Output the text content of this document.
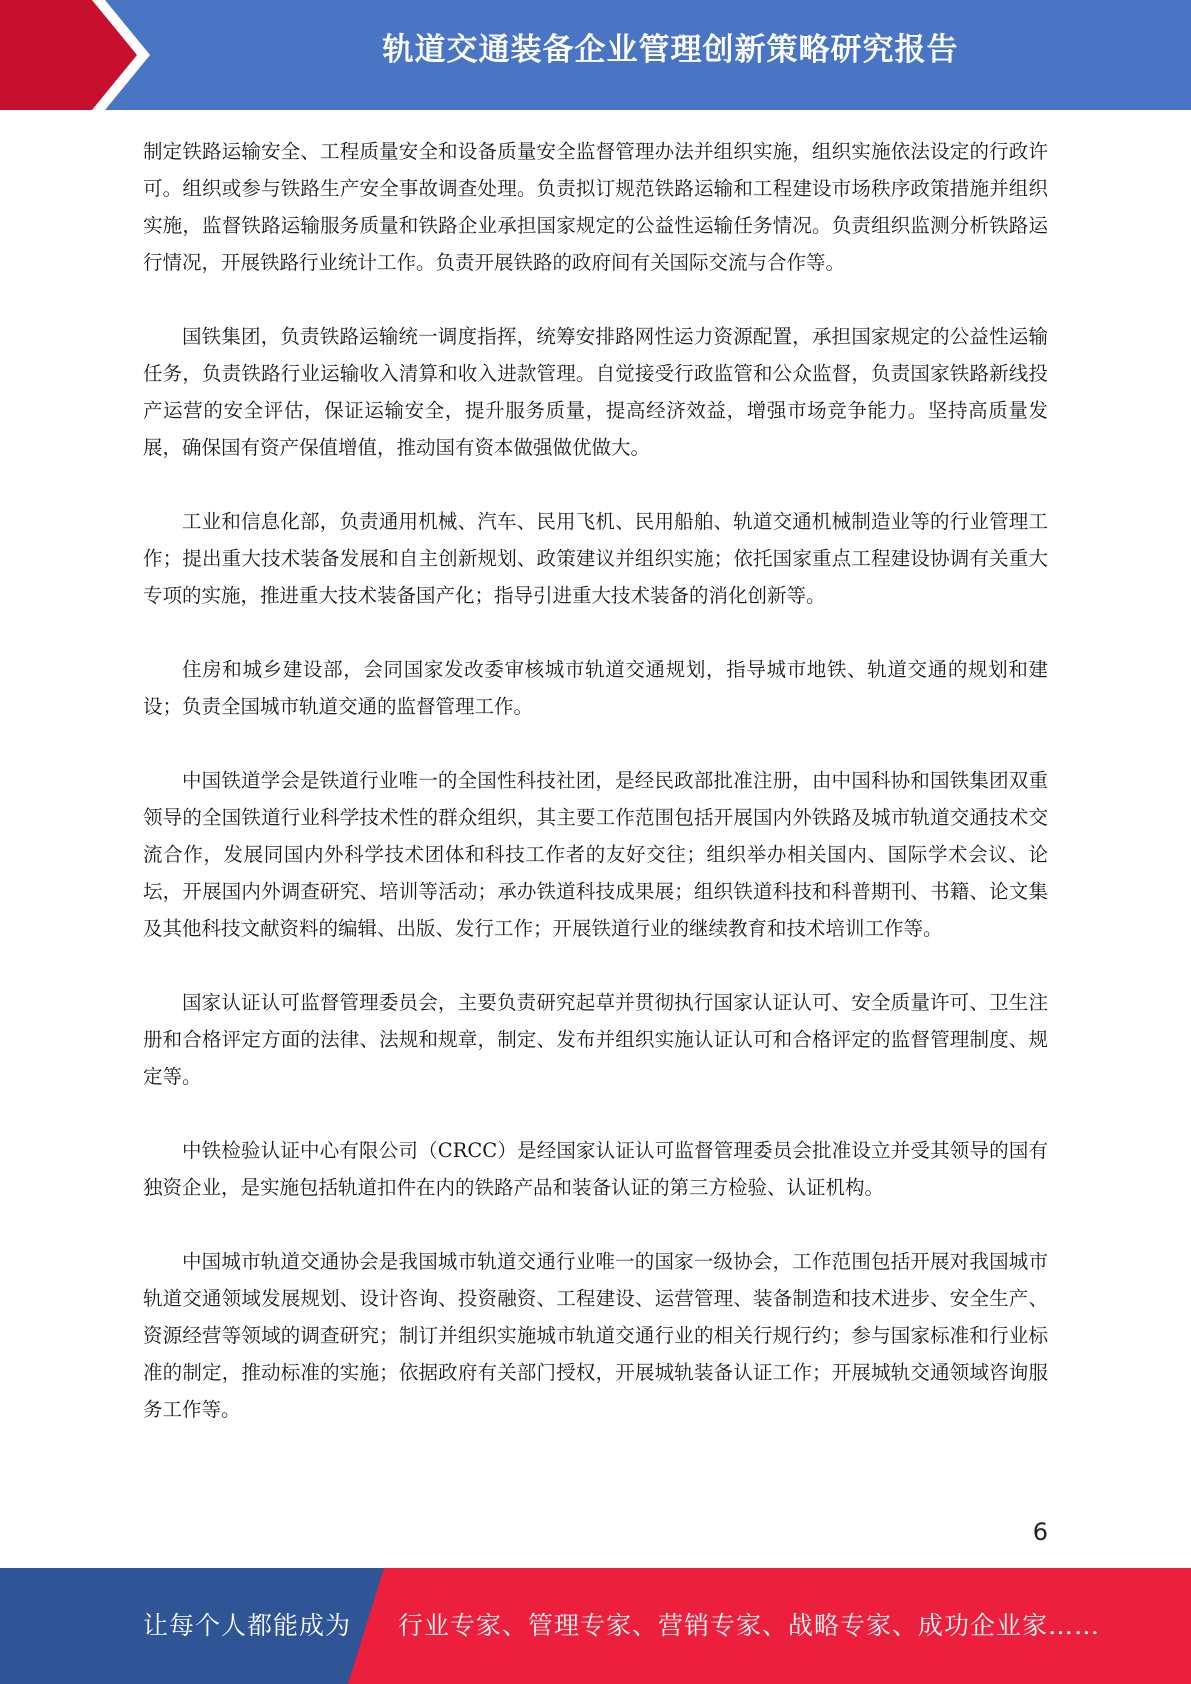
轨道交通装备企业管理创新策略研究报告

制定铁路运输安全、工程质量安全和设备质量安全监督管理办法并组织实施，组织实施依法设定的行政许可。组织或参与铁路生产安全事故调查处理。负责拟订规范铁路运输和工程建设市场秩序政策措施并组织实施，监督铁路运输服务质量和铁路企业承担国家规定的公益性运输任务情况。负责组织监测分析铁路运行情况，开展铁路行业统计工作。负责开展铁路的政府间有关国际交流与合作等。

国铁集团，负责铁路运输统一调度指挥，统筹安排路网性运力资源配置，承担国家规定的公益性运输任务，负责铁路行业运输收入清算和收入进款管理。自觉接受行政监管和公众监督，负责国家铁路新线投产运营的安全评估，保证运输安全，提升服务质量，提高经济效益，增强市场竞争能力。坚持高质量发展，确保国有资产保值增值，推动国有资本做强做优做大。

工业和信息化部，负责通用机械、汽车、民用飞机、民用船舶、轨道交通机械制造业等的行业管理工作；提出重大技术装备发展和自主创新规划、政策建议并组织实施；依托国家重点工程建设协调有关重大专项的实施，推进重大技术装备国产化；指导引进重大技术装备的消化创新等。

住房和城乡建设部，会同国家发改委审核城市轨道交通规划，指导城市地铁、轨道交通的规划和建设；负责全国城市轨道交通的监督管理工作。

中国铁道学会是铁道行业唯一的全国性科技社团，是经民政部批准注册，由中国科协和国铁集团双重领导的全国铁道行业科学技术性的群众组织，其主要工作范围包括开展国内外铁路及城市轨道交通技术交流合作，发展同国内外科学技术团体和科技工作者的友好交往；组织举办相关国内、国际学术会议、论坛，开展国内外调查研究、培训等活动；承办铁道科技成果展；组织铁道科技和科普期刊、书籍、论文集及其他科技文献资料的编辑、出版、发行工作；开展铁道行业的继续教育和技术培训工作等。

国家认证认可监督管理委员会，主要负责研究起草并贯彻执行国家认证认可、安全质量许可、卫生注册和合格评定方面的法律、法规和规章，制定、发布并组织实施认证认可和合格评定的监督管理制度、规定等。

中铁检验认证中心有限公司（CRCC）是经国家认证认可监督管理委员会批准设立并受其领导的国有独资企业，是实施包括轨道扣件在内的铁路产品和装备认证的第三方检验、认证机构。

中国城市轨道交通协会是我国城市轨道交通行业唯一的国家一级协会，工作范围包括开展对我国城市轨道交通领域发展规划、设计咨询、投资融资、工程建设、运营管理、装备制造和技术进步、安全生产、资源经营等领域的调查研究；制订并组织实施城市轨道交通行业的相关行规行约；参与国家标准和行业标准的制定，推动标准的实施；依据政府有关部门授权，开展城轨装备认证工作；开展城轨交通领域咨询服务工作等。

6
让每个人都能成为 行业专家、管理专家、营销专家、战略专家、成功企业家……
